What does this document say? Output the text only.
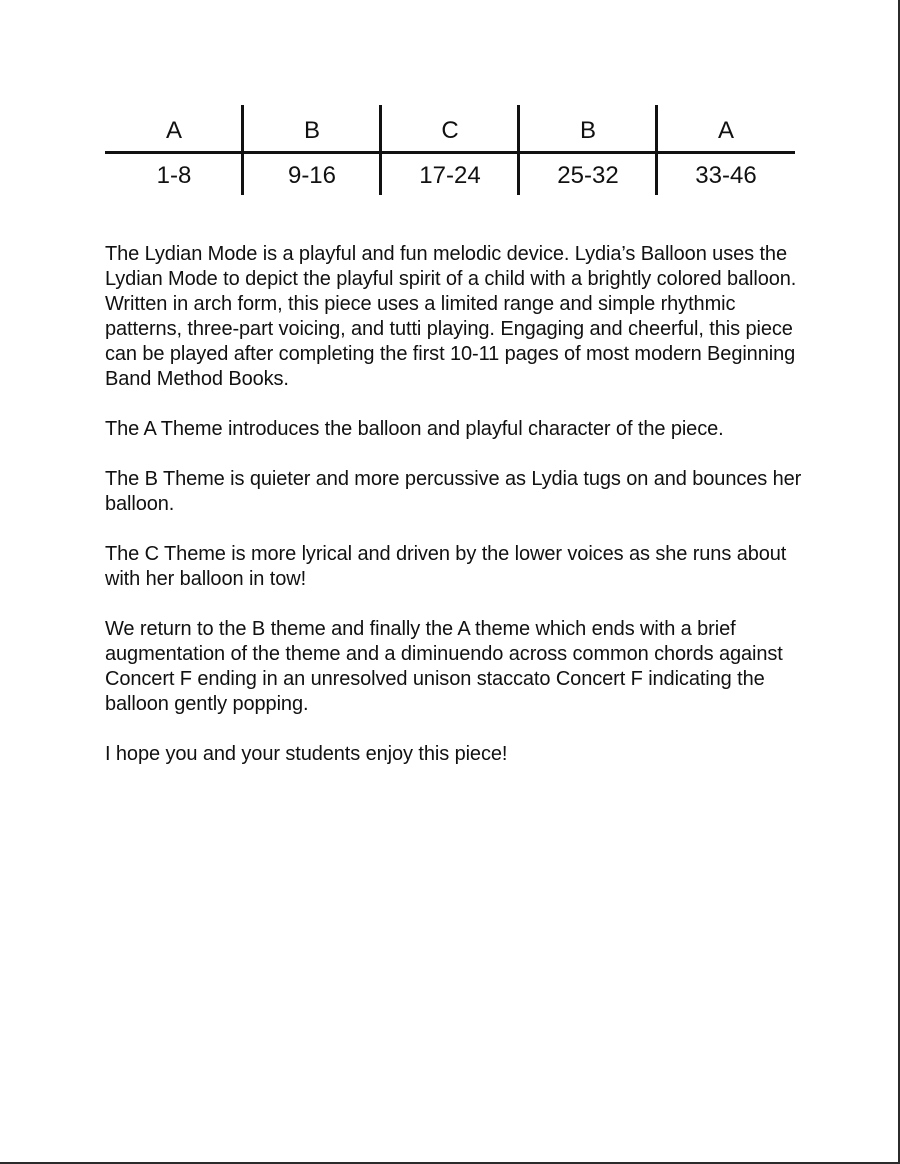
A	B	C	B	A
1-8	9-16	17-24	25-32	33-46

The Lydian Mode is a playful and fun melodic device. Lydia’s Balloon uses the Lydian Mode to depict the playful spirit of a child with a brightly colored balloon. Written in arch form, this piece uses a limited range and simple rhythmic patterns, three-part voicing, and tutti playing. Engaging and cheerful, this piece can be played after completing the first 10-11 pages of most modern Beginning Band Method Books.

The A Theme introduces the balloon and playful character of the piece.

The B Theme is quieter and more percussive as Lydia tugs on and bounces her balloon.

The C Theme is more lyrical and driven by the lower voices as she runs about with her balloon in tow!

We return to the B theme and finally the A theme which ends with a brief augmentation of the theme and a diminuendo across common chords against Concert F ending in an unresolved unison staccato Concert F indicating the balloon gently popping.

I hope you and your students enjoy this piece!
